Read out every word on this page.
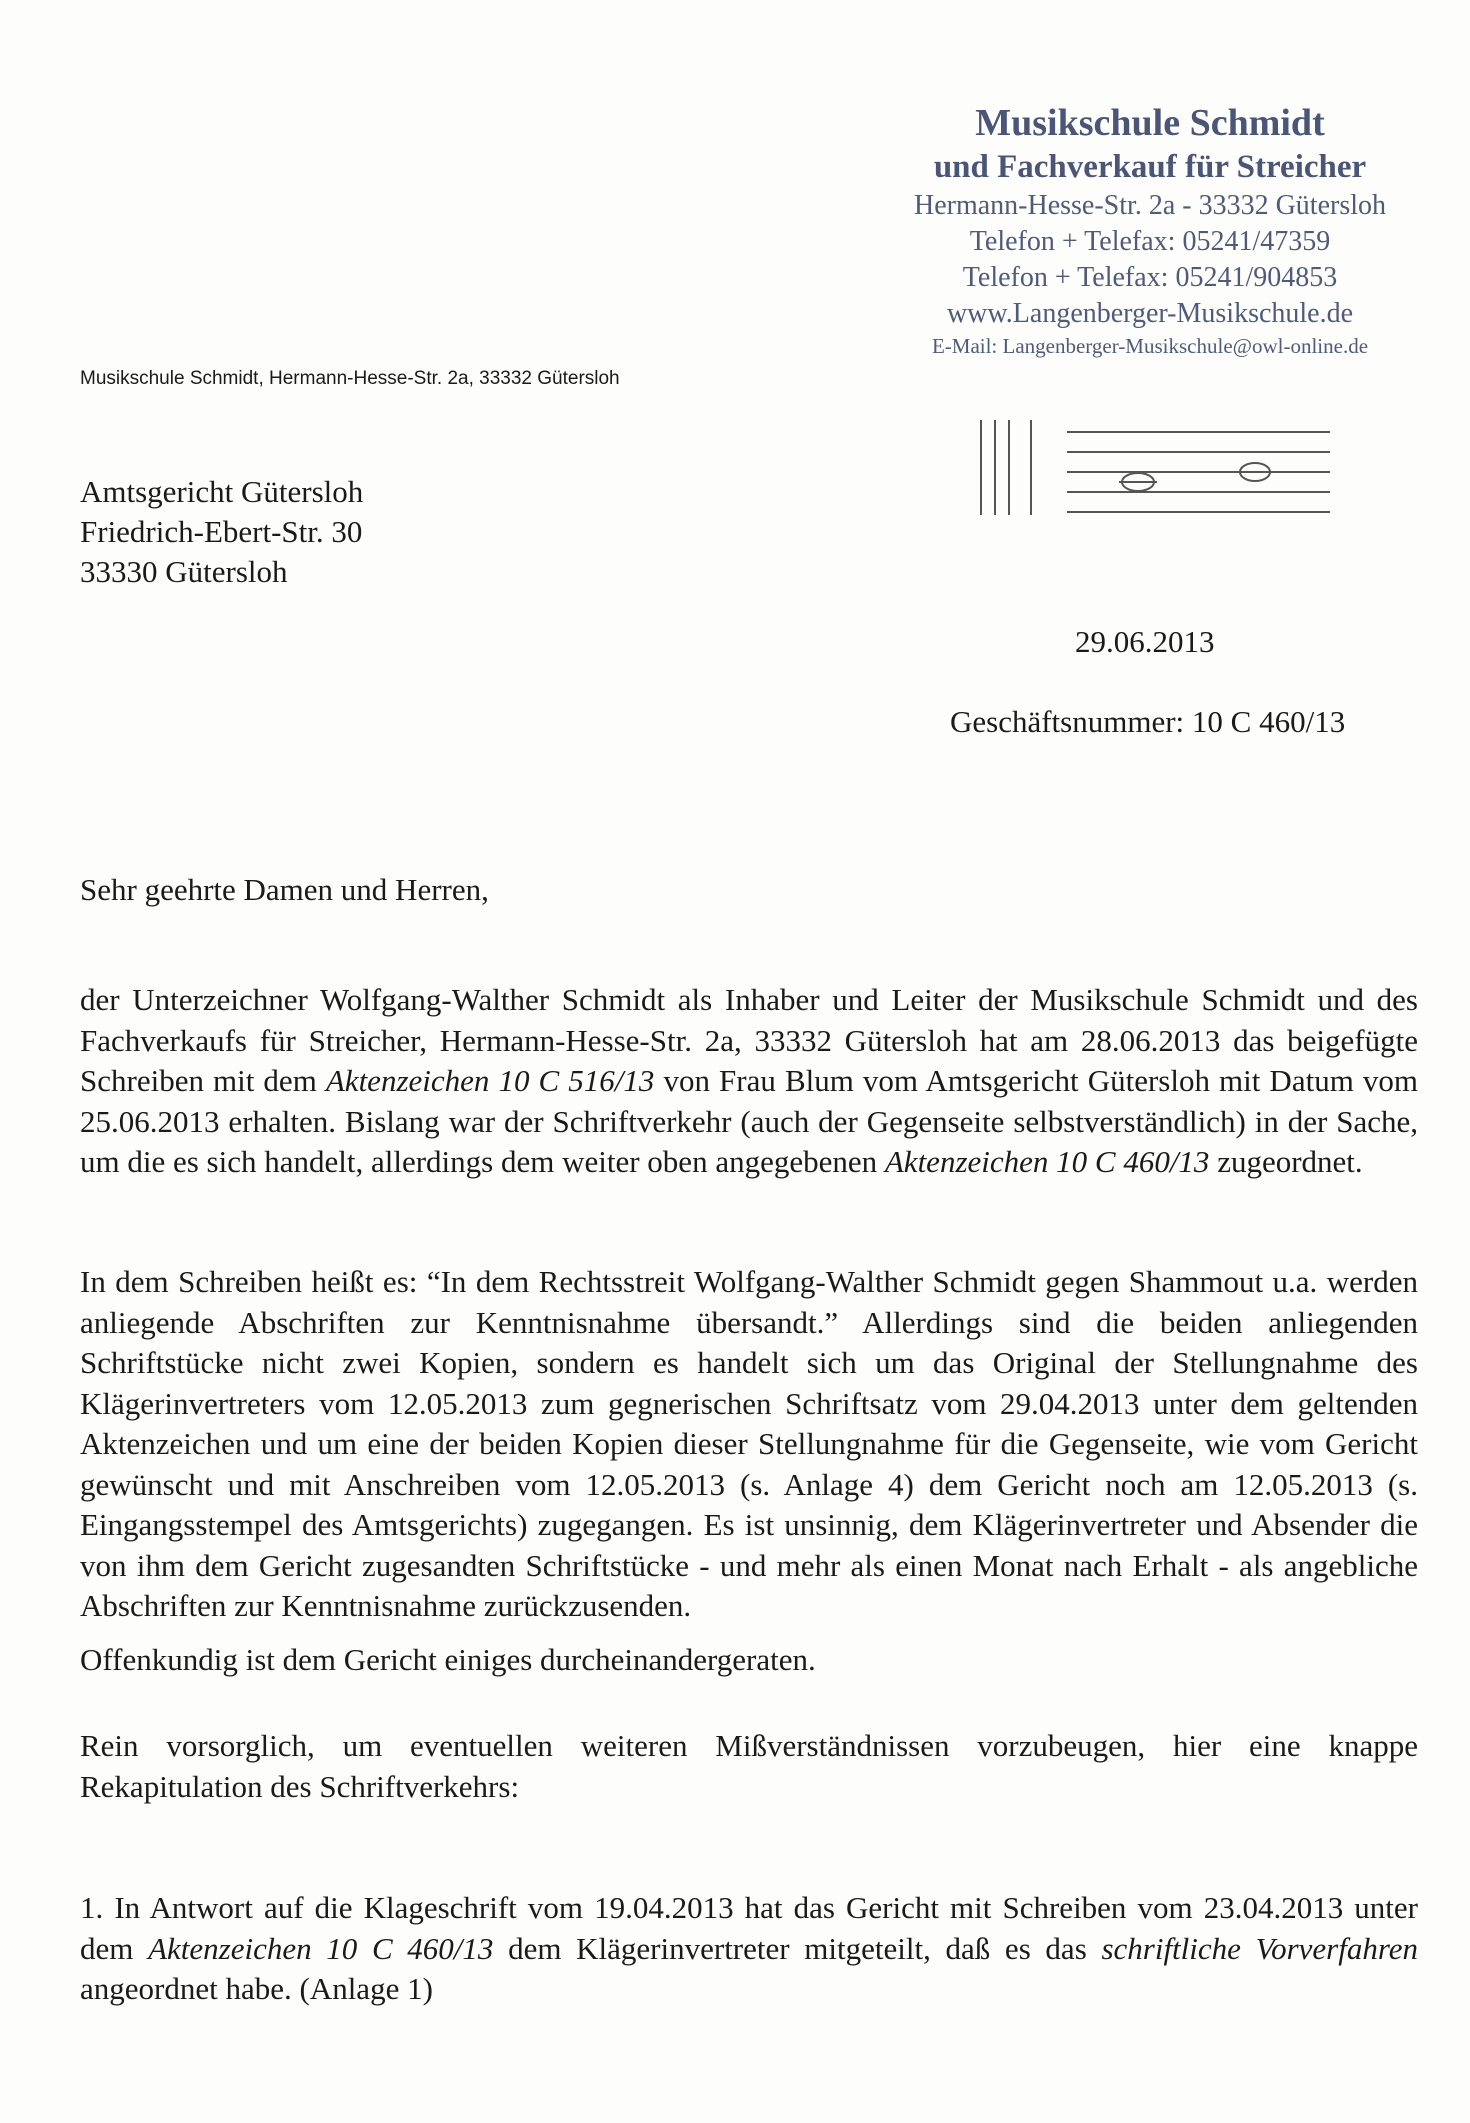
Musikschule Schmidt
und Fachverkauf für Streicher
Hermann-Hesse-Str. 2a - 33332 Gütersloh
Telefon + Telefax: 05241/47359
Telefon + Telefax: 05241/904853
www.Langenberger-Musikschule.de
E-Mail: Langenberger-Musikschule@owl-online.de
Musikschule Schmidt, Hermann-Hesse-Str. 2a, 33332 Gütersloh
Amtsgericht Gütersloh
Friedrich-Ebert-Str. 30
33330 Gütersloh
29.06.2013
Geschäftsnummer: 10 C 460/13
Sehr geehrte Damen und Herren,

der Unterzeichner Wolfgang-Walther Schmidt als Inhaber und Leiter der Musikschule Schmidt und des Fachverkaufs für Streicher, Hermann-Hesse-Str. 2a, 33332 Gütersloh hat am 28.06.2013 das beigefügte Schreiben mit dem Aktenzeichen 10 C 516/13 von Frau Blum vom Amtsgericht Gütersloh mit Datum vom 25.06.2013 erhalten. Bislang war der Schriftverkehr (auch der Gegenseite selbstverständlich) in der Sache, um die es sich handelt, allerdings dem weiter oben angegebenen Aktenzeichen 10 C 460/13 zugeordnet.

In dem Schreiben heißt es: “In dem Rechtsstreit Wolfgang-Walther Schmidt gegen Shammout u.a. werden anliegende Abschriften zur Kenntnisnahme übersandt.” Allerdings sind die beiden anliegenden Schriftstücke nicht zwei Kopien, sondern es handelt sich um das Original der Stellungnahme des Klägerinvertreters vom 12.05.2013 zum gegnerischen Schriftsatz vom 29.04.2013 unter dem geltenden Aktenzeichen und um eine der beiden Kopien dieser Stellungnahme für die Gegenseite, wie vom Gericht gewünscht und mit Anschreiben vom 12.05.2013 (s. Anlage 4) dem Gericht noch am 12.05.2013 (s. Eingangsstempel des Amtsgerichts) zugegangen. Es ist unsinnig, dem Klägerinvertreter und Absender die von ihm dem Gericht zugesandten Schriftstücke - und mehr als einen Monat nach Erhalt - als angebliche Abschriften zur Kenntnisnahme zurückzusenden.

Offenkundig ist dem Gericht einiges durcheinandergeraten.

Rein vorsorglich, um eventuellen weiteren Mißverständnissen vorzubeugen, hier eine knappe Rekapitulation des Schriftverkehrs:

1. In Antwort auf die Klageschrift vom 19.04.2013 hat das Gericht mit Schreiben vom 23.04.2013 unter dem Aktenzeichen 10 C 460/13 dem Klägerinvertreter mitgeteilt, daß es das schriftliche Vorverfahren angeordnet habe. (Anlage 1)
